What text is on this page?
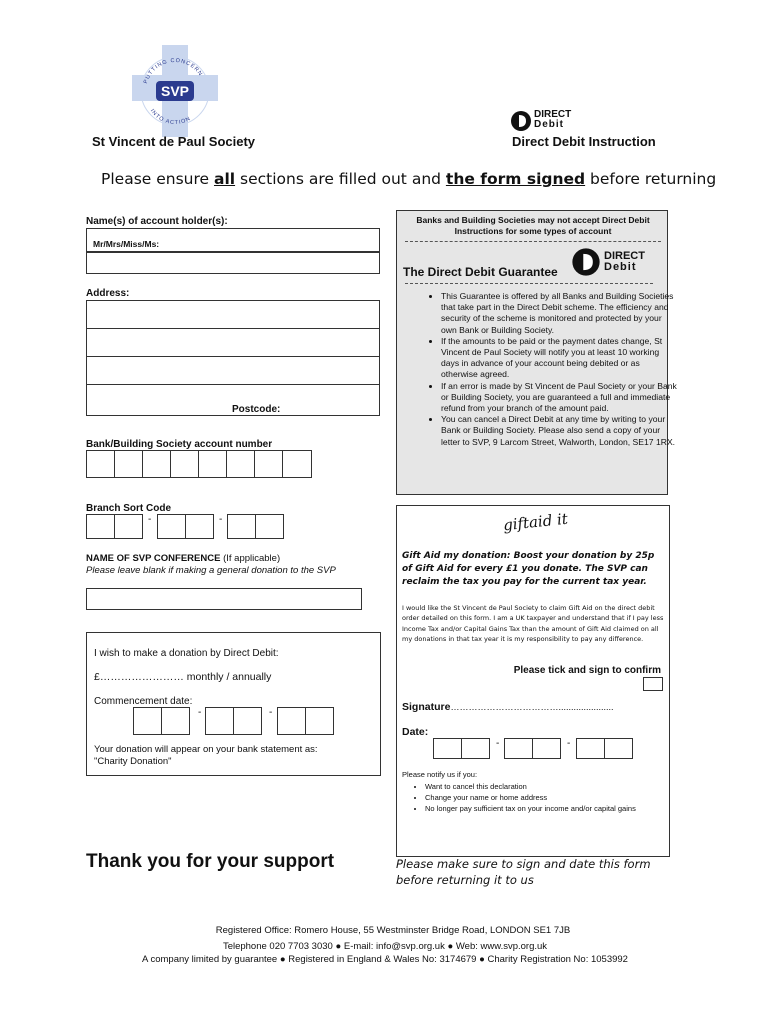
SVP
PUTTING CONCERN
INTO ACTION
St Vincent de Paul Society
DIRECT
Debit
Direct Debit Instruction
Please ensure all sections are filled out and the form signed before returning
Name(s) of account holder(s):
Mr/Mrs/Miss/Ms:
Address:
Postcode:
Bank/Building Society account number
Branch Sort Code
-	-
NAME OF SVP CONFERENCE (If applicable)
Please leave blank if making a general donation to the SVP
I wish to make a donation by Direct Debit:
£…………………… monthly / annually
Commencement date:
-	-
Your donation will appear on your bank statement as:
"Charity Donation"
Thank you for your support
Banks and Building Societies may not accept Direct Debit Instructions for some types of account
The Direct Debit Guarantee
DIRECT
Debit
• This Guarantee is offered by all Banks and Building Societies that take part in the Direct Debit scheme. The efficiency and security of the scheme is monitored and protected by your own Bank or Building Society.
• If the amounts to be paid or the payment dates change, St Vincent de Paul Society will notify you at least 10 working days in advance of your account being debited or as otherwise agreed.
• If an error is made by St Vincent de Paul Society or your Bank or Building Society, you are guaranteed a full and immediate refund from your branch of the amount paid.
• You can cancel a Direct Debit at any time by writing to your Bank or Building Society. Please also send a copy of your letter to SVP, 9 Larcom Street, Walworth, London, SE17 1RX.
giftaid it
Gift Aid my donation: Boost your donation by 25p of Gift Aid for every £1 you donate. The SVP can reclaim the tax you pay for the current tax year.
I would like the St Vincent de Paul Society to claim Gift Aid on the direct debit order detailed on this form. I am a UK taxpayer and understand that if I pay less Income Tax and/or Capital Gains Tax than the amount of Gift Aid claimed on all my donations in that tax year it is my responsibility to pay any difference.
Please tick and sign to confirm
Signature………………………………......................
Date:
-	-
Please notify us if you:
• Want to cancel this declaration
• Change your name or home address
• No longer pay sufficient tax on your income and/or capital gains
Please make sure to sign and date this form before returning it to us
Registered Office: Romero House, 55 Westminster Bridge Road, LONDON SE1 7JB
Telephone 020 7703 3030 ● E-mail: info@svp.org.uk ● Web: www.svp.org.uk
A company limited by guarantee ● Registered in England & Wales No: 3174679 ● Charity Registration No: 1053992
